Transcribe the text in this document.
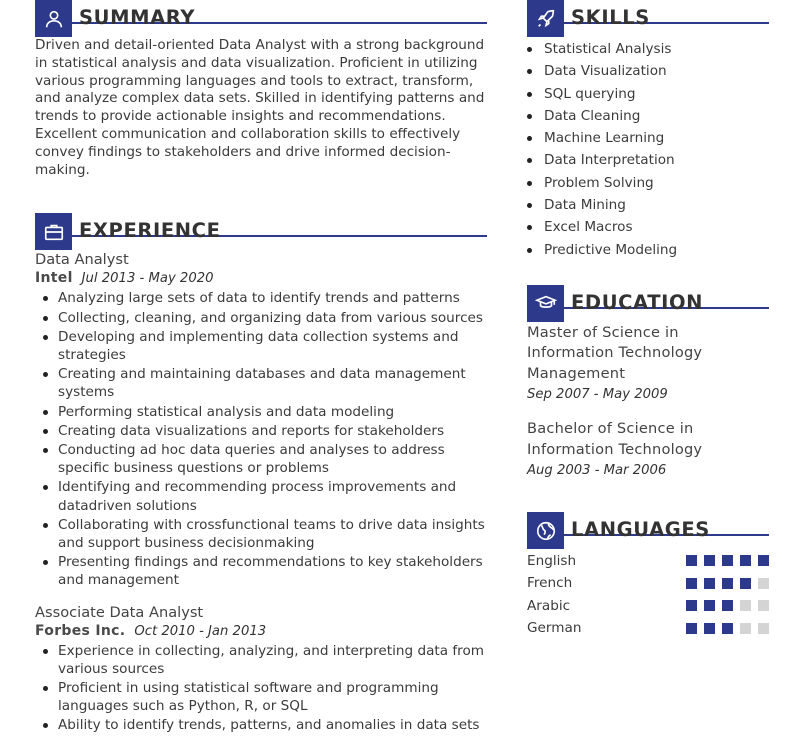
SUMMARY

Driven and detail-oriented Data Analyst with a strong background in statistical analysis and data visualization. Proficient in utilizing various programming languages and tools to extract, transform, and analyze complex data sets. Skilled in identifying patterns and trends to provide actionable insights and recommendations. Excellent communication and collaboration skills to effectively convey findings to stakeholders and drive informed decision-making.

EXPERIENCE
Data Analyst
Intel Jul 2013 - May 2020
Analyzing large sets of data to identify trends and patterns
Collecting, cleaning, and organizing data from various sources
Developing and implementing data collection systems and strategies
Creating and maintaining databases and data management systems
Performing statistical analysis and data modeling
Creating data visualizations and reports for stakeholders
Conducting ad hoc data queries and analyses to address specific business questions or problems
Identifying and recommending process improvements and datadriven solutions
Collaborating with crossfunctional teams to drive data insights and support business decisionmaking
Presenting findings and recommendations to key stakeholders and management
Associate Data Analyst
Forbes Inc. Oct 2010 - Jan 2013
Experience in collecting, analyzing, and interpreting data from various sources
Proficient in using statistical software and programming languages such as Python, R, or SQL
Ability to identify trends, patterns, and anomalies in data sets
SKILLS
Statistical Analysis
Data Visualization
SQL querying
Data Cleaning
Machine Learning
Data Interpretation
Problem Solving
Data Mining
Excel Macros
Predictive Modeling
EDUCATION
Master of Science in Information Technology Management
Sep 2007 - May 2009
Bachelor of Science in Information Technology
Aug 2003 - Mar 2006
LANGUAGES
English
French
Arabic
German
